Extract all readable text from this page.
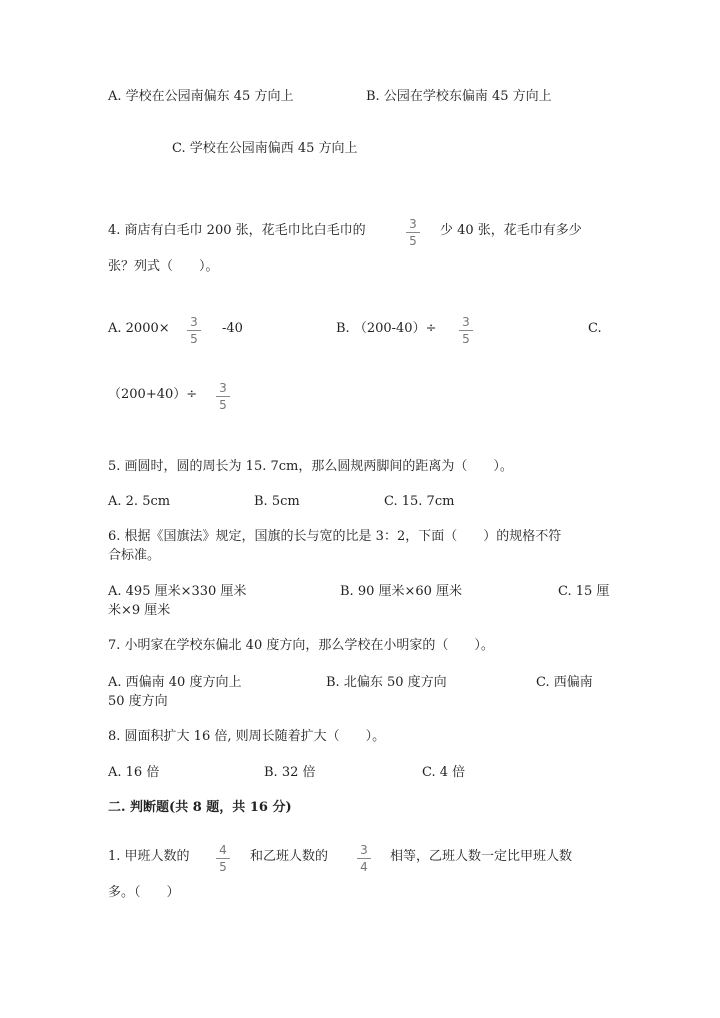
A. 学校在公园南偏东 45 方向上	B. 公园在学校东偏南 45 方向上
C. 学校在公园南偏西 45 方向上
4. 商店有白毛巾 200 张，花毛巾比白毛巾的	3
5
少 40 张，花毛巾有多少
张？列式（　　）。
A. 2000×	3
5
-40	B. （200-40）÷	3
5
C.
（200+40）÷	3
5
5. 画圆时，圆的周长为 15. 7cm，那么圆规两脚间的距离为（　　）。
A. 2. 5cm	B. 5cm	C. 15. 7cm
6. 根据《国旗法》规定，国旗的长与宽的比是 3：2，下面（　　）的规格不符
合标准。
A. 495 厘米×330 厘米	B. 90 厘米×60 厘米	C. 15 厘
米×9 厘米
7. 小明家在学校东偏北 40 度方向，那么学校在小明家的（　　）。
A. 西偏南 40 度方向上	B. 北偏东 50 度方向	C. 西偏南
50 度方向
8. 圆面积扩大 16 倍, 则周长随着扩大（　　）。
A. 16 倍	B. 32 倍	C. 4 倍
二. 判断题(共 8 题，共 16 分)
1. 甲班人数的	4
5
和乙班人数的	3
4
相等，乙班人数一定比甲班人数
多。（　　）
